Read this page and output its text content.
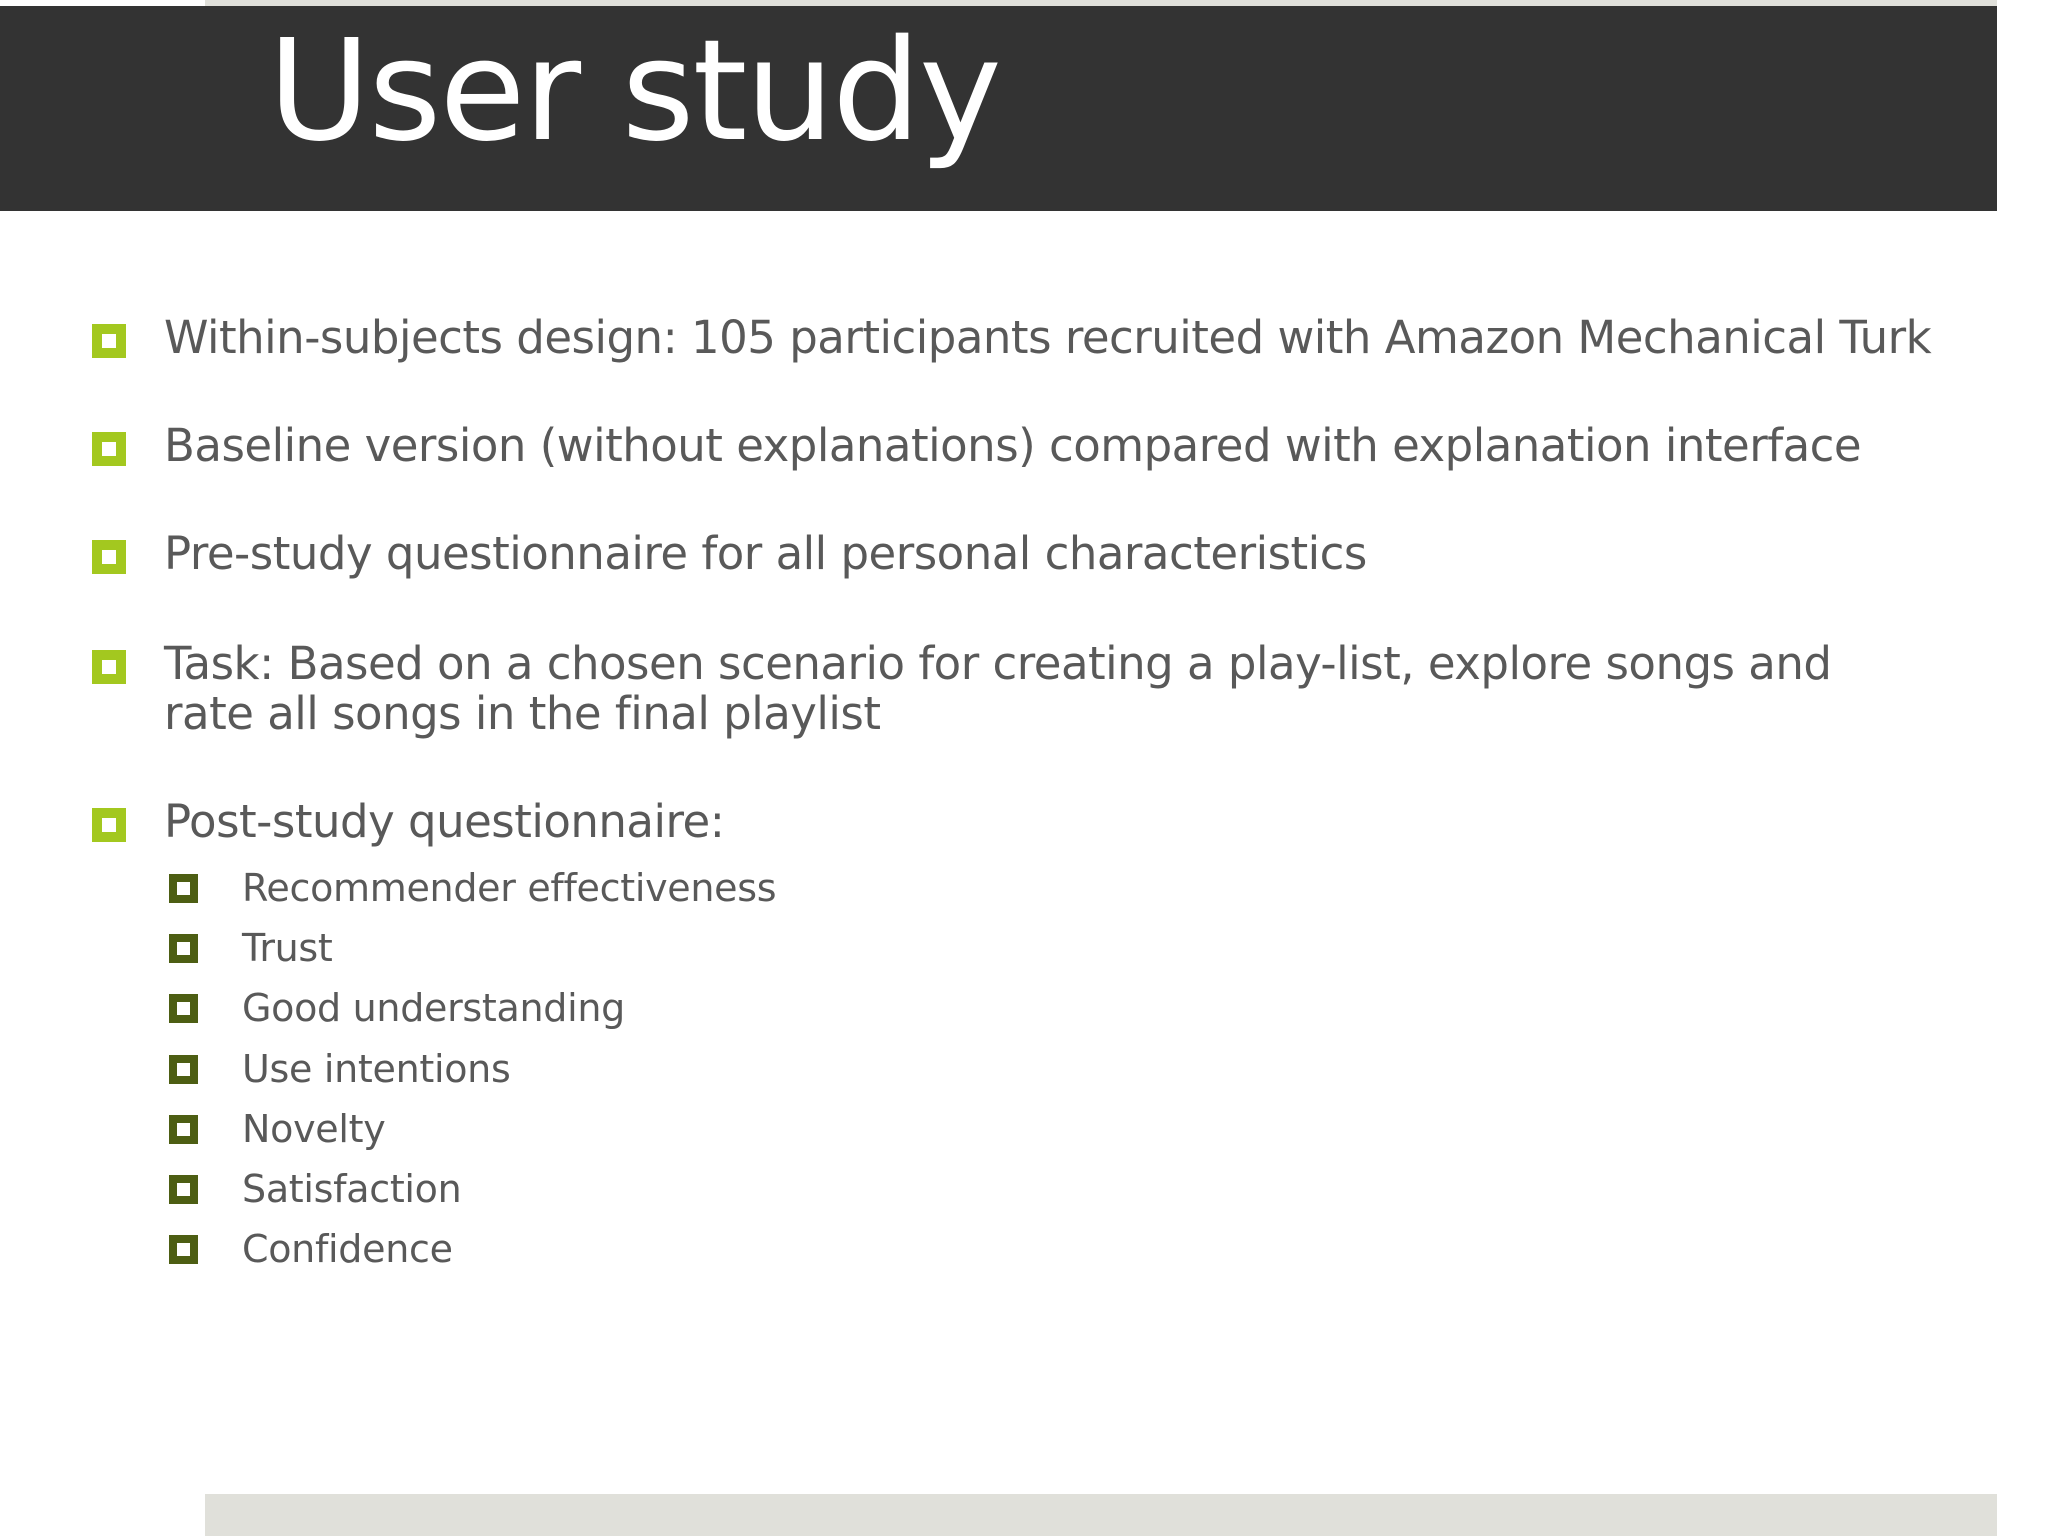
User study
Within-subjects design: 105 participants recruited with Amazon Mechanical Turk
Baseline version (without explanations) compared with explanation interface
Pre-study questionnaire for all personal characteristics
Task: Based on a chosen scenario for creating a play-list, explore songs and
rate all songs in the final playlist
Post-study questionnaire:
Recommender effectiveness
Trust
Good understanding
Use intentions
Novelty
Satisfaction
Confidence
